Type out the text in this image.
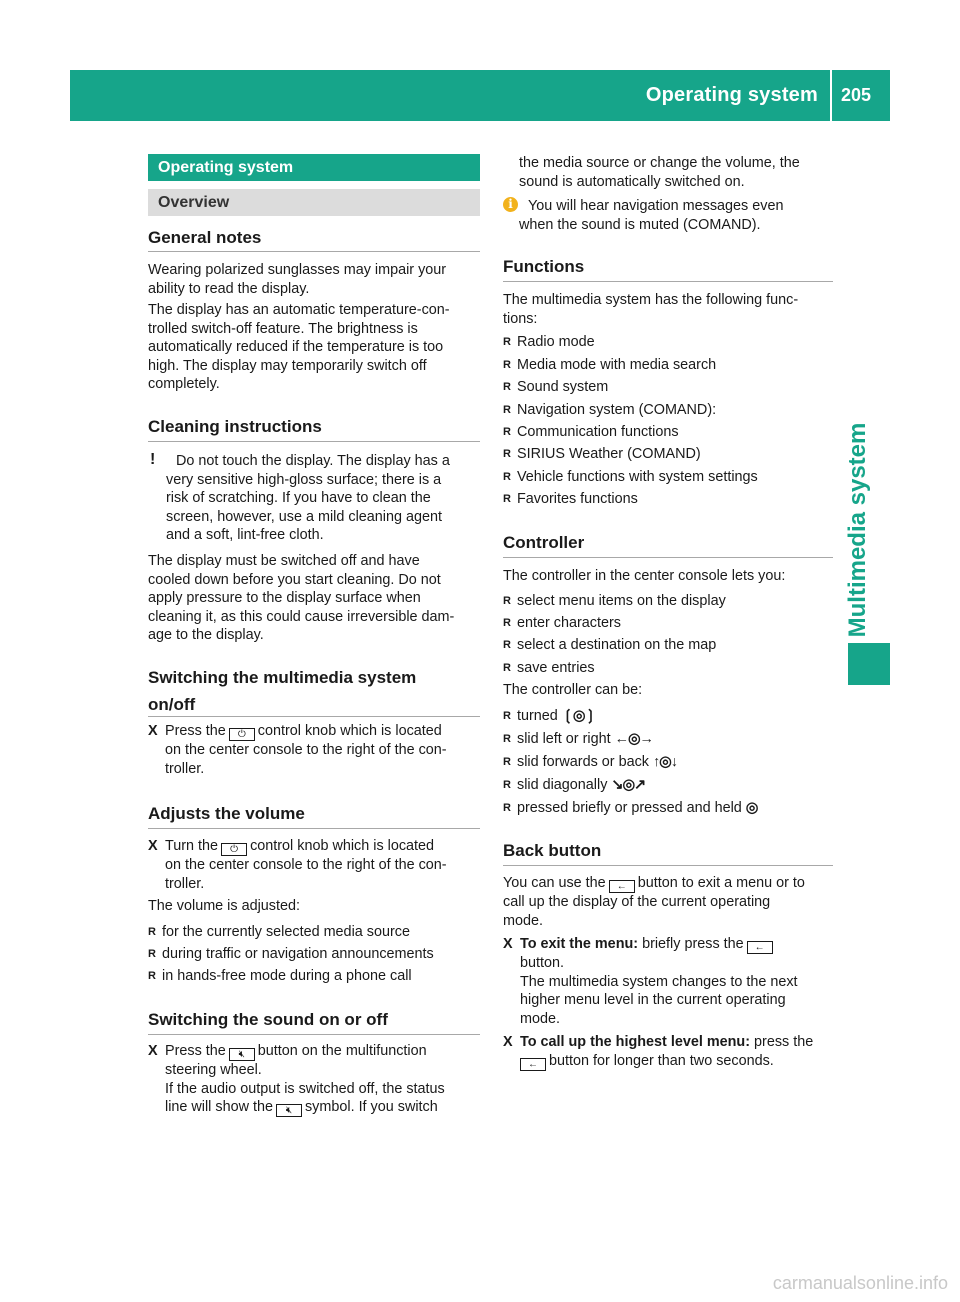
Operating system 205
Multimedia system
Operating system
Overview
General notes
Wearing polarized sunglasses may impair your
ability to read the display.
The display has an automatic temperature-con-
trolled switch-off feature. The brightness is
automatically reduced if the temperature is too
high. The display may temporarily switch off
completely.
Cleaning instructions
! Do not touch the display. The display has a
very sensitive high-gloss surface; there is a
risk of scratching. If you have to clean the
screen, however, use a mild cleaning agent
and a soft, lint-free cloth.
The display must be switched off and have
cooled down before you start cleaning. Do not
apply pressure to the display surface when
cleaning it, as this could cause irreversible dam-
age to the display.
Switching the multimedia system
on/off
X Press the ⏻ control knob which is located
on the center console to the right of the con-
troller.
Adjusts the volume
X Turn the ⏻ control knob which is located
on the center console to the right of the con-
troller.
The volume is adjusted:
R for the currently selected media source
R during traffic or navigation announcements
R in hands-free mode during a phone call
Switching the sound on or off
X Press the 🔇︎ button on the multifunction
steering wheel.
If the audio output is switched off, the status
line will show the 🔇︎ symbol. If you switch
the media source or change the volume, the
sound is automatically switched on.
i	You will hear navigation messages even
when the sound is muted (COMAND).
Functions
The multimedia system has the following func-
tions:
R Radio mode
R Media mode with media search
R Sound system
R Navigation system (COMAND):
R Communication functions
R SIRIUS Weather (COMAND)
R Vehicle functions with system settings
R Favorites functions
Controller
The controller in the center console lets you:
R select menu items on the display
R enter characters
R select a destination on the map
R save entries
The controller can be:
R turned ❲◎❳
R slid left or right ←◎→
R slid forwards or back ↑◎↓
R slid diagonally ↘◎↗
R pressed briefly or pressed and held ◎
Back button
You can use the ← button to exit a menu or to
call up the display of the current operating
mode.
X To exit the menu: briefly press the ←
button.
The multimedia system changes to the next
higher menu level in the current operating
mode.
X To call up the highest level menu: press the
← button for longer than two seconds.
carmanualsonline.info
